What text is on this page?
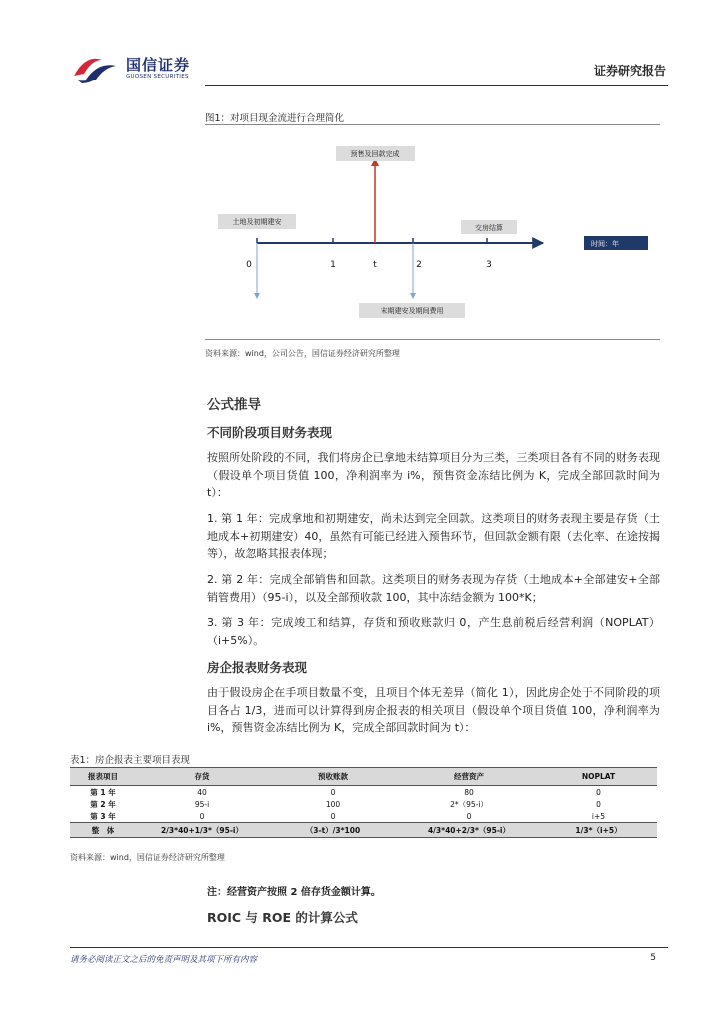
国信证券
GUOSEN SECURITIES	证券研究报告
图1：对项目现金流进行合理简化
预售及回款完成
土地及初期建安
交房结算
末期建安及期间费用
时间：年
0	1	t	2	3
资料来源：wind，公司公告，国信证券经济研究所整理
公式推导
不同阶段项目财务表现

按照所处阶段的不同，我们将房企已拿地未结算项目分为三类，三类项目各有不同的财务表现（假设单个项目货值 100，净利润率为 i%，预售资金冻结比例为 K，完成全部回款时间为 t）：

1. 第 1 年：完成拿地和初期建安，尚未达到完全回款。这类项目的财务表现主要是存货（土地成本+初期建安）40，虽然有可能已经进入预售环节，但回款金额有限（去化率、在途按揭等），故忽略其报表体现；

2. 第 2 年：完成全部销售和回款。这类项目的财务表现为存货（土地成本+全部建安+全部销管费用）（95-i），以及全部预收款 100，其中冻结金额为 100*K；

3. 第 3 年：完成竣工和结算，存货和预收账款归 0，产生息前税后经营利润（NOPLAT）（i+5%）。

房企报表财务表现

由于假设房企在手项目数量不变，且项目个体无差异（简化 1），因此房企处于不同阶段的项目各占 1/3，进而可以计算得到房企报表的相关项目（假设单个项目货值 100，净利润率为 i%，预售资金冻结比例为 K，完成全部回款时间为 t）：

表1：房企报表主要项目表现
报表项目	存货	预收账款	经营资产	NOPLAT
第 1 年	40	0	80	0
第 2 年	95-i	100	2*（95-i）	0
第 3 年	0	0	0	i+5
整　体	2/3*40+1/3*（95-i）	（3-t）/3*100	4/3*40+2/3*（95-i）	1/3*（i+5）
资料来源：wind，国信证券经济研究所整理
注：经营资产按照 2 倍存货金额计算。
ROIC 与 ROE 的计算公式
请务必阅读正文之后的免责声明及其项下所有内容	5
